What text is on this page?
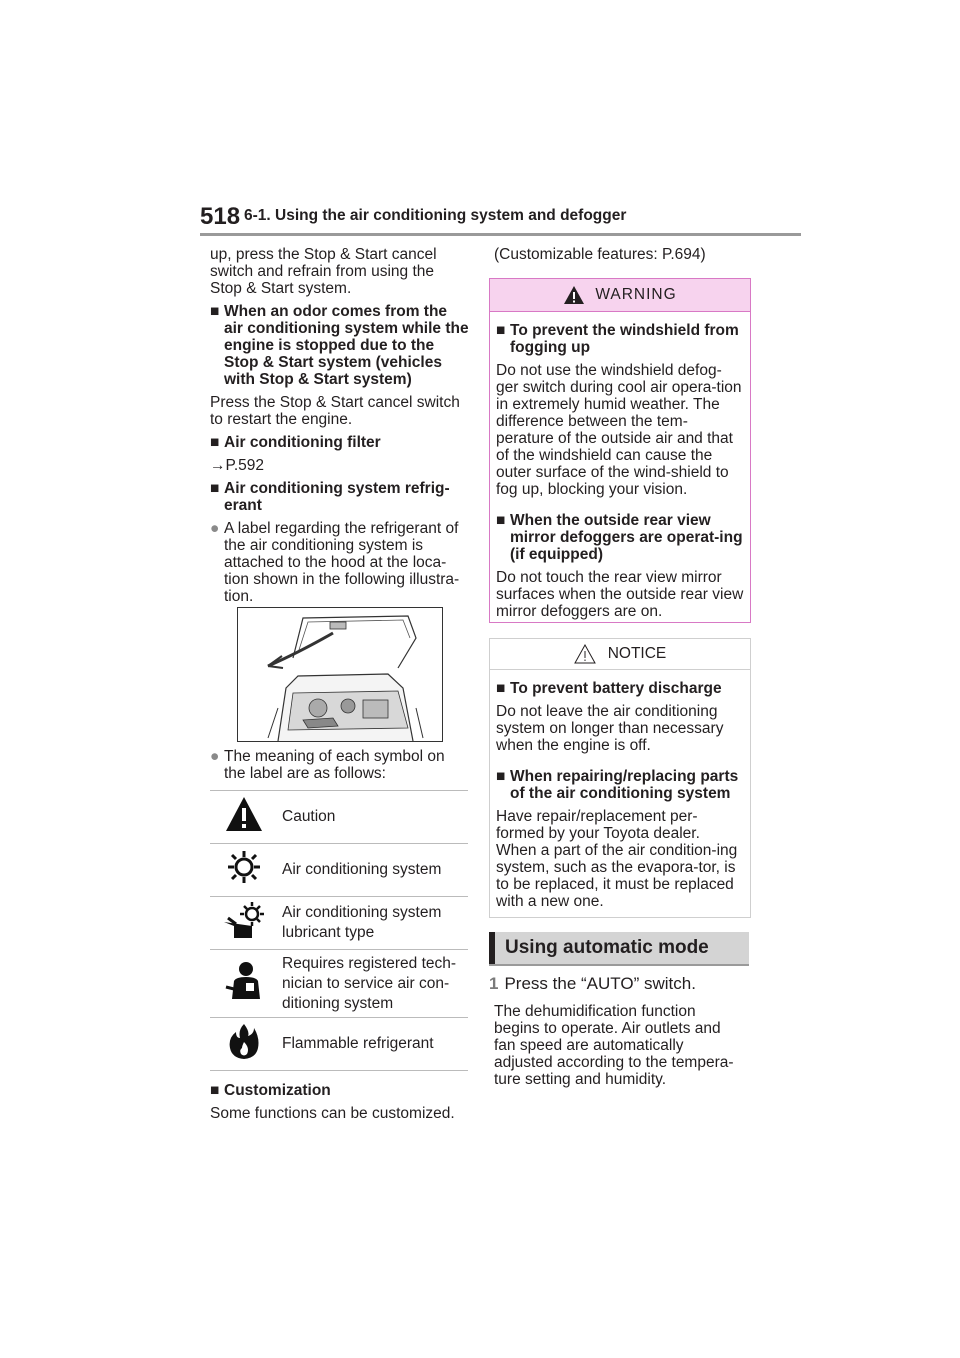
518 6-1. Using the air conditioning system and defogger
up, press the Stop & Start cancel switch and refrain from using the Stop & Start system.
■ When an odor comes from the air conditioning system while the engine is stopped due to the Stop & Start system (vehicles with Stop & Start system)
Press the Stop & Start cancel switch to restart the engine.
■ Air conditioning filter
→P.592
■ Air conditioning system refrig-erant
● A label regarding the refrigerant of the air conditioning system is attached to the hood at the loca-tion shown in the following illustra-tion.
● The meaning of each symbol on the label are as follows:
	Caution
	Air conditioning system
	Air conditioning system lubricant type
	Requires registered tech-nician to service air con-ditioning system
	Flammable refrigerant
■ Customization
Some functions can be customized.
(Customizable features: P.694)
WARNING
■ To prevent the windshield from fogging up
Do not use the windshield defog-ger switch during cool air opera-tion in extremely humid weather. The difference between the tem-perature of the outside air and that of the windshield can cause the outer surface of the wind-shield to fog up, blocking your vision.
■ When the outside rear view mirror defoggers are operat-ing (if equipped)
Do not touch the rear view mirror surfaces when the outside rear view mirror defoggers are on.
NOTICE
■ To prevent battery discharge
Do not leave the air conditioning system on longer than necessary when the engine is off.
■ When repairing/replacing parts of the air conditioning system
Have repair/replacement per-formed by your Toyota dealer. When a part of the air condition-ing system, such as the evapora-tor, is to be replaced, it must be replaced with a new one.
Using automatic mode
1 Press the “AUTO” switch.
The dehumidification function begins to operate. Air outlets and fan speed are automatically adjusted according to the tempera-ture setting and humidity.
